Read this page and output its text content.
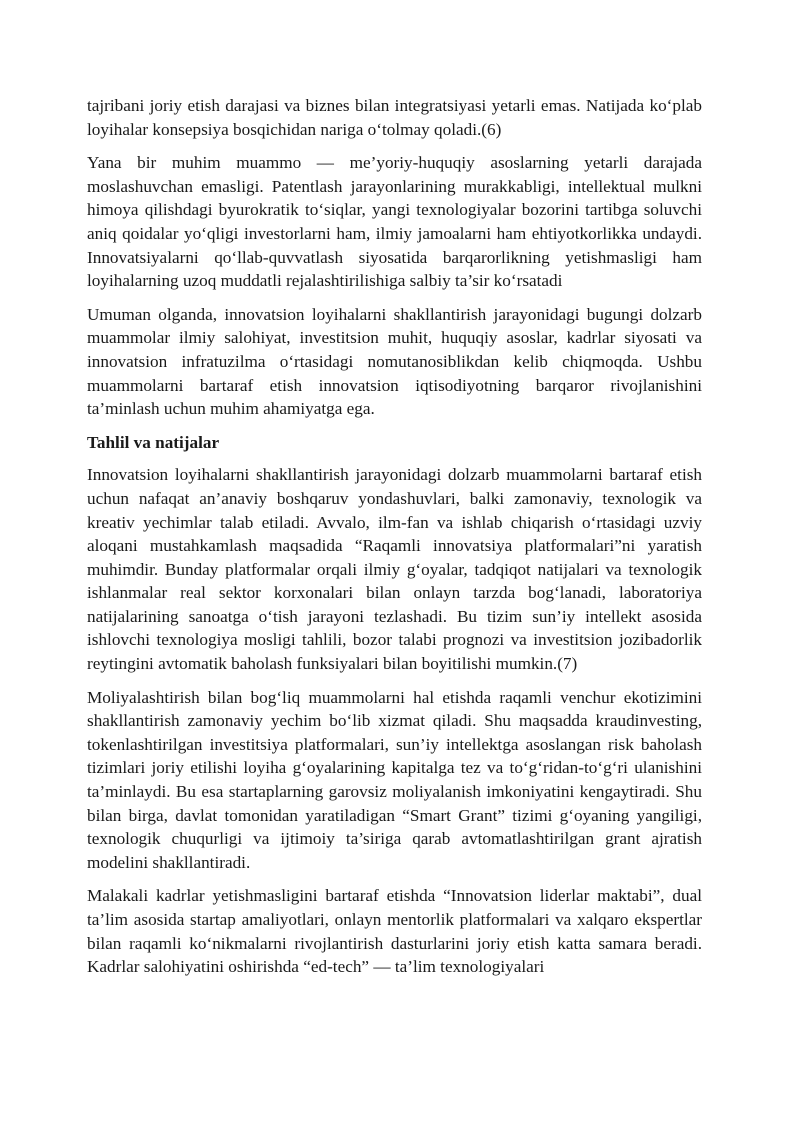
tajribani joriy etish darajasi va biznes bilan integratsiyasi yetarli emas. Natijada ko‘plab loyihalar konsepsiya bosqichidan nariga o‘tolmay qoladi.(6)

Yana bir muhim muammo — me’yoriy-huquqiy asoslarning yetarli darajada moslashuvchan emasligi. Patentlash jarayonlarining murakkabligi, intellektual mulkni himoya qilishdagi byurokratik to‘siqlar, yangi texnologiyalar bozorini tartibga soluvchi aniq qoidalar yo‘qligi investorlarni ham, ilmiy jamoalarni ham ehtiyotkorlikka undaydi. Innovatsiyalarni qo‘llab-quvvatlash siyosatida barqarorlikning yetishmasligi ham loyihalarning uzoq muddatli rejalashtirilishiga salbiy ta’sir ko‘rsatadi

Umuman olganda, innovatsion loyihalarni shakllantirish jarayonidagi bugungi dolzarb muammolar ilmiy salohiyat, investitsion muhit, huquqiy asoslar, kadrlar siyosati va innovatsion infratuzilma o‘rtasidagi nomutanosiblikdan kelib chiqmoqda. Ushbu muammolarni bartaraf etish innovatsion iqtisodiyotning barqaror rivojlanishini ta’minlash uchun muhim ahamiyatga ega.

Tahlil va natijalar

Innovatsion loyihalarni shakllantirish jarayonidagi dolzarb muammolarni bartaraf etish uchun nafaqat an’anaviy boshqaruv yondashuvlari, balki zamonaviy, texnologik va kreativ yechimlar talab etiladi. Avvalo, ilm-fan va ishlab chiqarish o‘rtasidagi uzviy aloqani mustahkamlash maqsadida “Raqamli innovatsiya platformalari”ni yaratish muhimdir. Bunday platformalar orqali ilmiy g‘oyalar, tadqiqot natijalari va texnologik ishlanmalar real sektor korxonalari bilan onlayn tarzda bog‘lanadi, laboratoriya natijalarining sanoatga o‘tish jarayoni tezlashadi. Bu tizim sun’iy intellekt asosida ishlovchi texnologiya mosligi tahlili, bozor talabi prognozi va investitsion jozibadorlik reytingini avtomatik baholash funksiyalari bilan boyitilishi mumkin.(7)

Moliyalashtirish bilan bog‘liq muammolarni hal etishda raqamli venchur ekotizimini shakllantirish zamonaviy yechim bo‘lib xizmat qiladi. Shu maqsadda kraudinvesting, tokenlashtirilgan investitsiya platformalari, sun’iy intellektga asoslangan risk baholash tizimlari joriy etilishi loyiha g‘oyalarining kapitalga tez va to‘g‘ridan-to‘g‘ri ulanishini ta’minlaydi. Bu esa startaplarning garovsiz moliyalanish imkoniyatini kengaytiradi. Shu bilan birga, davlat tomonidan yaratiladigan “Smart Grant” tizimi g‘oyaning yangiligi, texnologik chuqurligi va ijtimoiy ta’siriga qarab avtomatlashtirilgan grant ajratish modelini shakllantiradi.

Malakali kadrlar yetishmasligini bartaraf etishda “Innovatsion liderlar maktabi”, dual ta’lim asosida startap amaliyotlari, onlayn mentorlik platformalari va xalqaro ekspertlar bilan raqamli ko‘nikmalarni rivojlantirish dasturlarini joriy etish katta samara beradi. Kadrlar salohiyatini oshirishda “ed-tech” — ta’lim texnologiyalari
